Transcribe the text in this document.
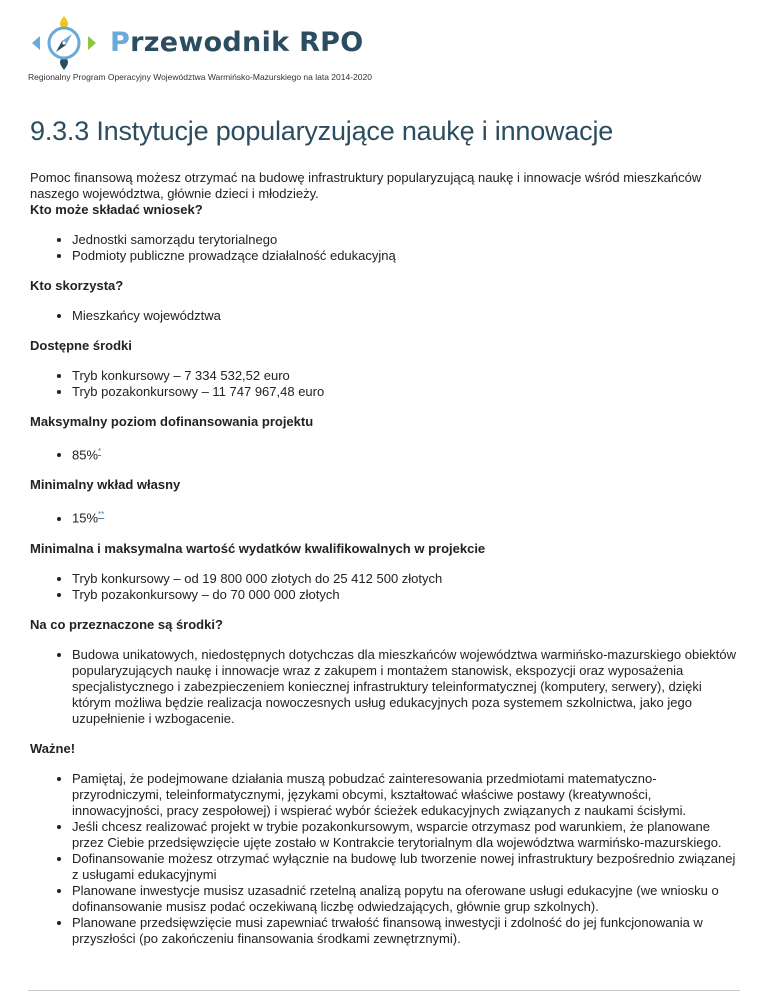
Przewodnik RPO
Regionalny Program Operacyjny Województwa Warmińsko-Mazurskiego na lata 2014-2020
9.3.3 Instytucje popularyzujące naukę i innowacje

Pomoc finansową możesz otrzymać na budowę infrastruktury popularyzującą naukę i innowacje wśród mieszkańców naszego województwa, głównie dzieci i młodzieży.

Kto może składać wniosek?

• Jednostki samorządu terytorialnego
• Podmioty publiczne prowadzące działalność edukacyjną

Kto skorzysta?

• Mieszkańcy województwa

Dostępne środki

• Tryb konkursowy – 7 334 532,52 euro
• Tryb pozakonkursowy – 11 747 967,48 euro

Maksymalny poziom dofinansowania projektu

• 85%*

Minimalny wkład własny

• 15%**

Minimalna i maksymalna wartość wydatków kwalifikowalnych w projekcie

• Tryb konkursowy – od 19 800 000 złotych do 25 412 500 złotych
• Tryb pozakonkursowy – do 70 000 000 złotych

Na co przeznaczone są środki?

• Budowa unikatowych, niedostępnych dotychczas dla mieszkańców województwa warmińsko-mazurskiego obiektów popularyzujących naukę i innowacje wraz z zakupem i montażem stanowisk, ekspozycji oraz wyposażenia specjalistycznego i zabezpieczeniem koniecznej infrastruktury teleinformatycznej (komputery, serwery), dzięki którym możliwa będzie realizacja nowoczesnych usług edukacyjnych poza systemem szkolnictwa, jako jego uzupełnienie i wzbogacenie.

Ważne!

• Pamiętaj, że podejmowane działania muszą pobudzać zainteresowania przedmiotami matematyczno-przyrodniczymi, teleinformatycznymi, językami obcymi, kształtować właściwe postawy (kreatywności, innowacyjności, pracy zespołowej) i wspierać wybór ścieżek edukacyjnych związanych z naukami ścisłymi.
• Jeśli chcesz realizować projekt w trybie pozakonkursowym, wsparcie otrzymasz pod warunkiem, że planowane przez Ciebie przedsięwzięcie ujęte zostało w Kontrakcie terytorialnym dla województwa warmińsko-mazurskiego.
• Dofinansowanie możesz otrzymać wyłącznie na budowę lub tworzenie nowej infrastruktury bezpośrednio związanej z usługami edukacyjnymi
• Planowane inwestycje musisz uzasadnić rzetelną analizą popytu na oferowane usługi edukacyjne (we wniosku o dofinansowanie musisz podać oczekiwaną liczbę odwiedzających, głównie grup szkolnych).
• Planowane przedsięwzięcie musi zapewniać trwałość finansową inwestycji i zdolność do jej funkcjonowania w przyszłości (po zakończeniu finansowania środkami zewnętrznymi).
